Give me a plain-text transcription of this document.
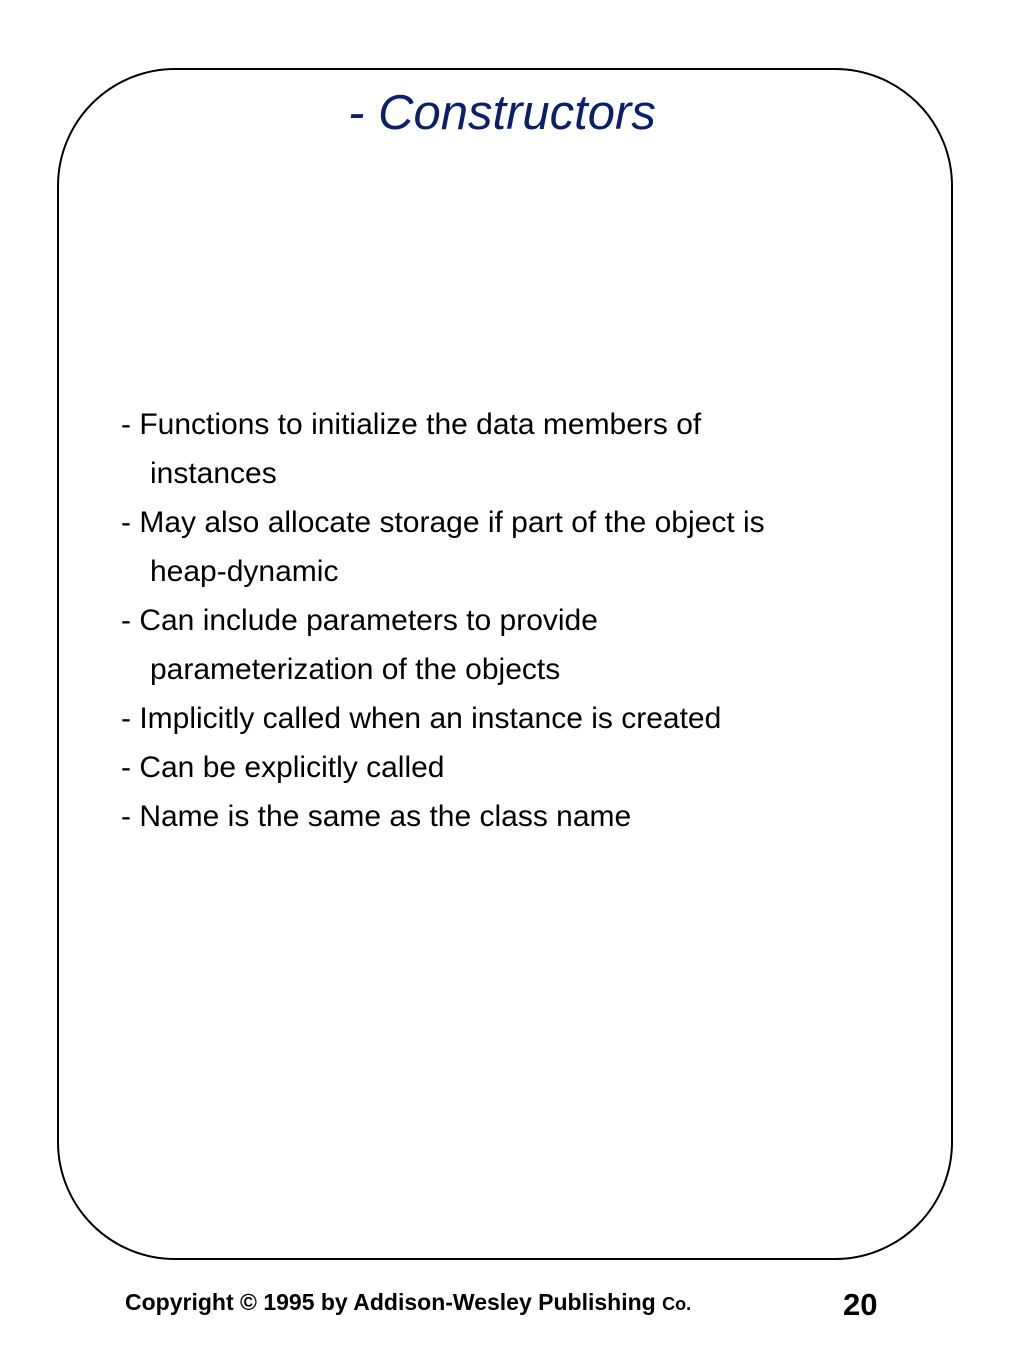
- Constructors
- Functions to initialize the data members of
instances
- May also allocate storage if part of the object is
heap-dynamic
- Can include parameters to provide
parameterization of the objects
- Implicitly called when an instance is created
- Can be explicitly called
- Name is the same as the class name
Copyright © 1995 by Addison-Wesley Publishing Co.	20
